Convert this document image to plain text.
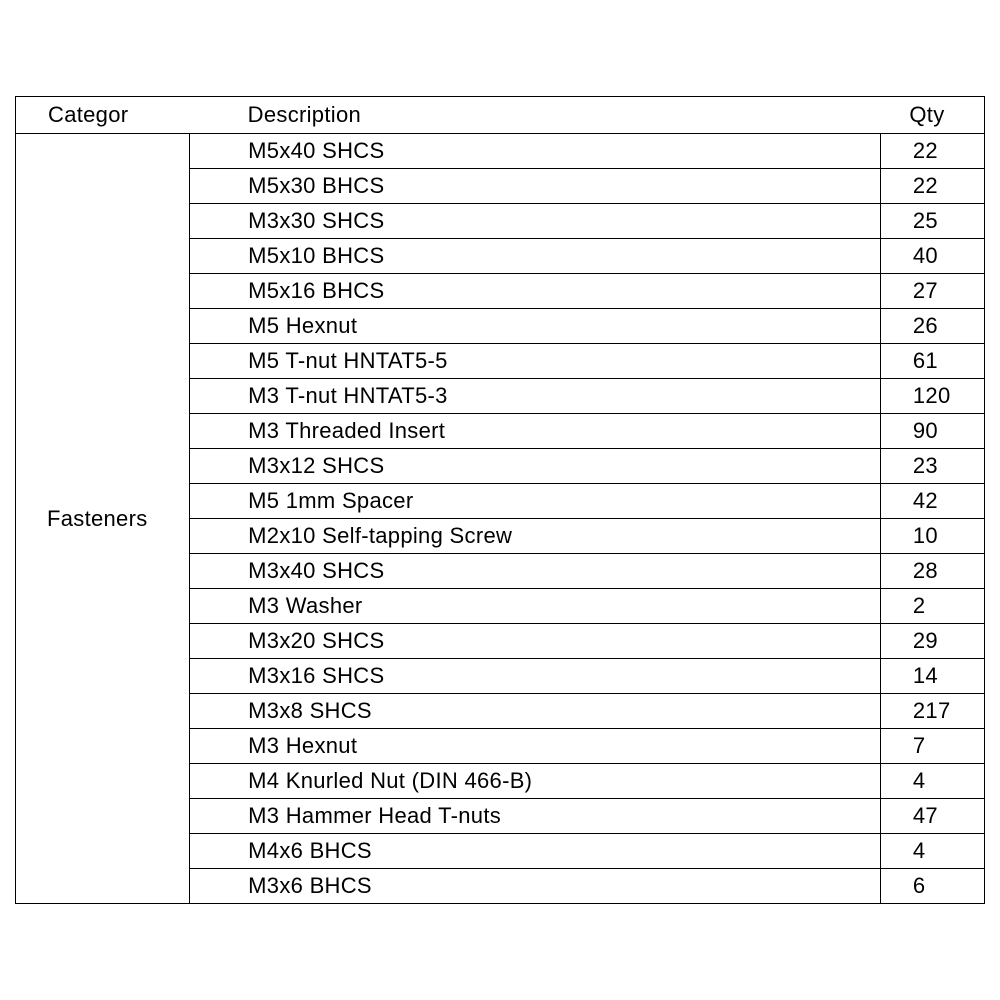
Categor	Description	Qty
Fasteners	M5x40 SHCS	22
	M5x30 BHCS	22
	M3x30 SHCS	25
	M5x10 BHCS	40
	M5x16 BHCS	27
	M5 Hexnut	26
	M5 T-nut HNTAT5-5	61
	M3 T-nut HNTAT5-3	120
	M3 Threaded Insert	90
	M3x12 SHCS	23
	M5 1mm Spacer	42
	M2x10 Self-tapping Screw	10
	M3x40 SHCS	28
	M3 Washer	2
	M3x20 SHCS	29
	M3x16 SHCS	14
	M3x8 SHCS	217
	M3 Hexnut	7
	M4 Knurled Nut (DIN 466-B)	4
	M3 Hammer Head T-nuts	47
	M4x6 BHCS	4
	M3x6 BHCS	6
